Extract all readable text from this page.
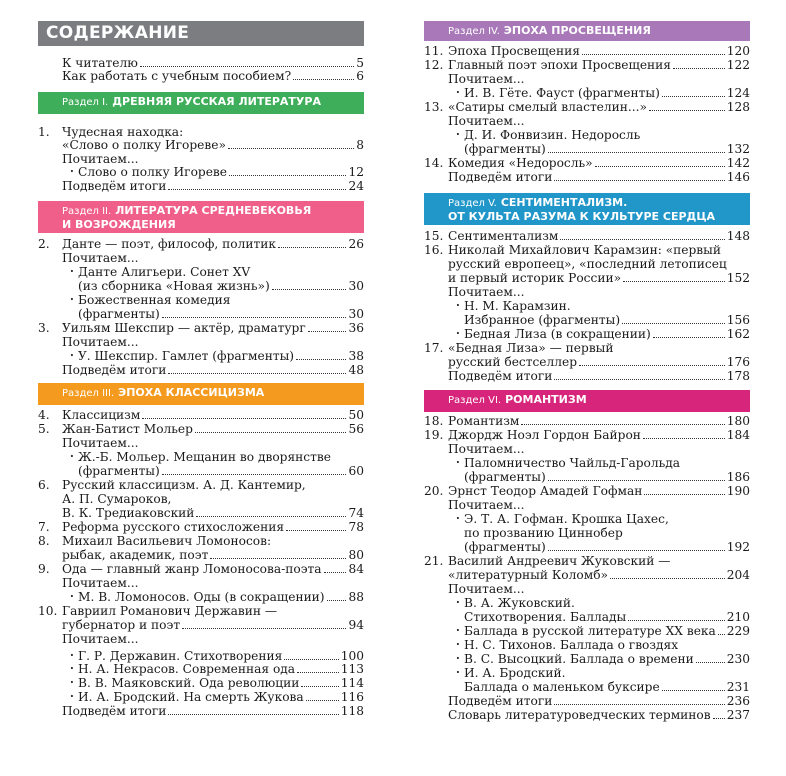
СОДЕРЖАНИЕ
Раздел I. ДРЕВНЯЯ РУССКАЯ ЛИТЕРАТУРА
Раздел II. ЛИТЕРАТУРА СРЕДНЕВЕКОВЬЯ
И ВОЗРОЖДЕНИЯ
Раздел III. ЭПОХА КЛАССИЦИЗМА
К читателю	5
Как работать с учебным пособием?	6
1.	Чудесная находка:
«Слово о полку Игореве»	8
Почитаем...
· Слово о полку Игореве	12
Подведём итоги	24
2.	Данте — поэт, философ, политик	26
Почитаем...
· Данте Алигьери. Сонет XV
(из сборника «Новая жизнь»)	30
· Божественная комедия
(фрагменты)	30
3.	Уильям Шекспир — актёр, драматург	36
Почитаем...
· У. Шекспир. Гамлет (фрагменты)	38
Подведём итоги	48
4.	Классицизм	50
5.	Жан-Батист Мольер	56
Почитаем...
· Ж.-Б. Мольер. Мещанин во дворянстве
(фрагменты)	60
6.	Русский классицизм. А. Д. Кантемир,
А. П. Сумароков,
В. К. Тредиаковский	74
7.	Реформа русского стихосложения	78
8.	Михаил Васильевич Ломоносов:
рыбак, академик, поэт	80
9.	Ода — главный жанр Ломоносова-поэта 84
Почитаем...
· М. В. Ломоносов. Оды (в сокращении) 88
10. Гавриил Романович Державин —
губернатор и поэт	94
Почитаем...
· Г. Р. Державин. Стихотворения	100
· Н. А. Некрасов. Современная ода	113
· В. В. Маяковский. Ода революции	114
· И. А. Бродский. На смерть Жукова	116
Подведём итоги	118
Раздел IV. ЭПОХА ПРОСВЕЩЕНИЯ
Раздел V. СЕНТИМЕНТАЛИЗМ.
ОТ КУЛЬТА РАЗУМА К КУЛЬТУРЕ СЕРДЦА
Раздел VI. РОМАНТИЗМ
11. Эпоха Просвещения	120
12. Главный поэт эпохи Просвещения	122
Почитаем...
· И. В. Гёте. Фауст (фрагменты)	124
13. «Сатиры смелый властелин...»	128
Почитаем...
· Д. И. Фонвизин. Недоросль
(фрагменты)	132
14. Комедия «Недоросль»	142
Подведём итоги	146
15. Сентиментализм	148
16. Николай Михайлович Карамзин: «первый
русский европеец», «последний летописец
и первый историк России»	152
Почитаем...
· Н. М. Карамзин.
Избранное (фрагменты)	156
· Бедная Лиза (в сокращении)	162
17. «Бедная Лиза» — первый
русский бестселлер	176
Подведём итоги	178
18. Романтизм	180
19. Джордж Ноэл Гордон Байрон	184
Почитаем...
· Паломничество Чайльд-Гарольда
(фрагменты)	186
20. Эрнст Теодор Амадей Гофман	190
Почитаем...
· Э. Т. А. Гофман. Крошка Цахес,
по прозванию Циннобер
(фрагменты)	192
21. Василий Андреевич Жуковский —
«литературный Коломб»	204
Почитаем...
· В. А. Жуковский.
Стихотворения. Баллады	210
· Баллада в русской литературе XX века 229
· Н. С. Тихонов. Баллада о гвоздях
· В. С. Высоцкий. Баллада о времени	230
· И. А. Бродский.
Баллада о маленьком буксире	231
Подведём итоги	236
Словарь литературоведческих терминов 237
